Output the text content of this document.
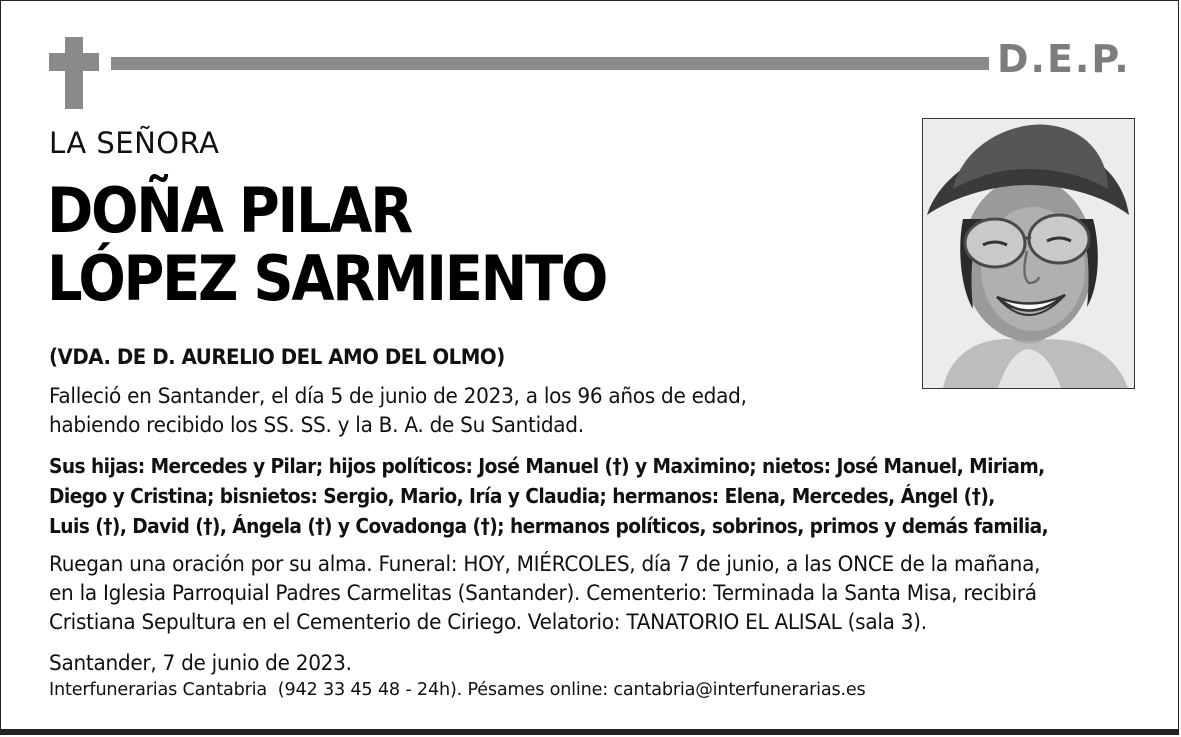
D.E.P.
LA SEÑORA
DOÑA PILAR
LÓPEZ SARMIENTO
(VDA. DE D. AURELIO DEL AMO DEL OLMO)
Falleció en Santander, el día 5 de junio de 2023, a los 96 años de edad,
habiendo recibido los SS. SS. y la B. A. de Su Santidad.
Sus hijas: Mercedes y Pilar; hijos políticos: José Manuel (†) y Maximino; nietos: José Manuel, Miriam,
Diego y Cristina; bisnietos: Sergio, Mario, Iría y Claudia; hermanos: Elena, Mercedes, Ángel (†),
Luis (†), David (†), Ángela (†) y Covadonga (†); hermanos políticos, sobrinos, primos y demás familia,
Ruegan una oración por su alma. Funeral: HOY, MIÉRCOLES, día 7 de junio, a las ONCE de la mañana,
en la Iglesia Parroquial Padres Carmelitas (Santander). Cementerio: Terminada la Santa Misa, recibirá
Cristiana Sepultura en el Cementerio de Ciriego. Velatorio: TANATORIO EL ALISAL (sala 3).
Santander, 7 de junio de 2023.
Interfunerarias Cantabria  (942 33 45 48 - 24h). Pésames online: cantabria@interfunerarias.es
